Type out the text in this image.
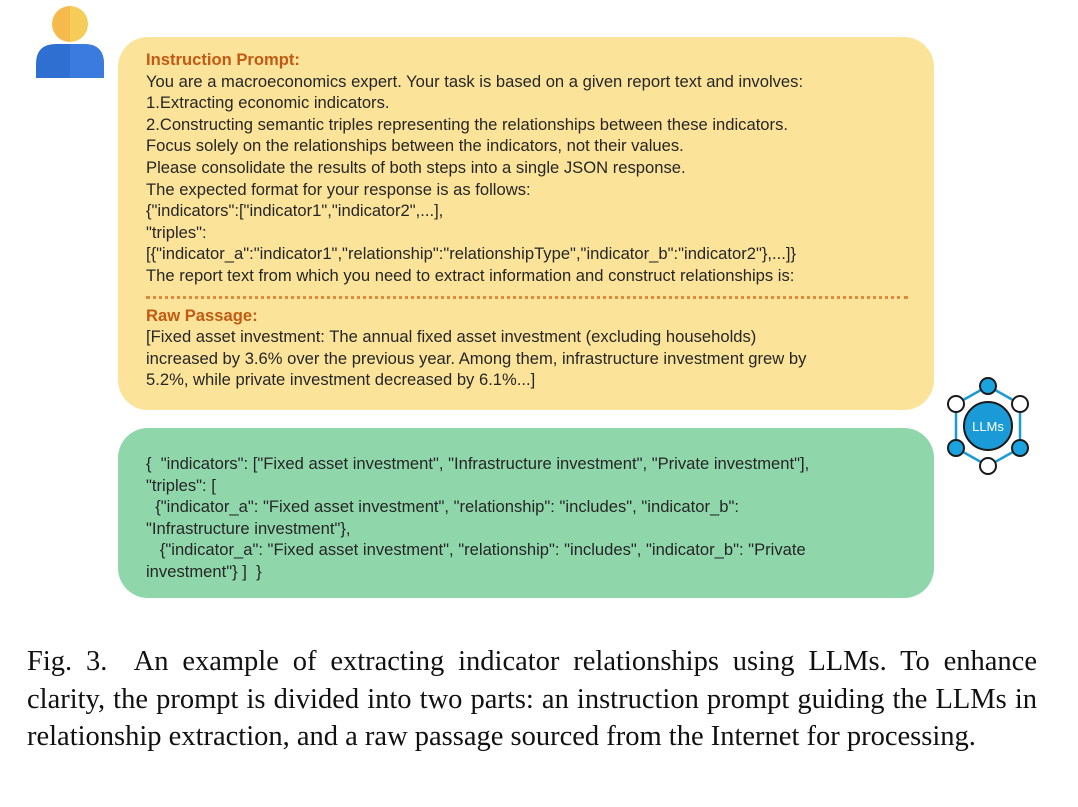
Instruction Prompt:
You are a macroeconomics expert. Your task is based on a given report text and involves:
1.Extracting economic indicators.
2.Constructing semantic triples representing the relationships between these indicators.
Focus solely on the relationships between the indicators, not their values.
Please consolidate the results of both steps into a single JSON response.
The expected format for your response is as follows:
{"indicators":["indicator1","indicator2",...],
"triples":
[{"indicator_a":"indicator1","relationship":"relationshipType","indicator_b":"indicator2"},...]}
The report text from which you need to extract information and construct relationships is:
Raw Passage:
[Fixed asset investment: The annual fixed asset investment (excluding households)
increased by 3.6% over the previous year. Among them, infrastructure investment grew by
5.2%, while private investment decreased by 6.1%...]
LLMs
{  "indicators": ["Fixed asset investment", "Infrastructure investment", "Private investment"],
"triples": [
{"indicator_a": "Fixed asset investment", "relationship": "includes", "indicator_b":
"Infrastructure investment"},
{"indicator_a": "Fixed asset investment", "relationship": "includes", "indicator_b": "Private
investment"} ]  }
Fig. 3. An example of extracting indicator relationships using LLMs. To enhance clarity, the prompt is divided into two parts: an instruction prompt guiding the LLMs in relationship extraction, and a raw passage sourced from the Internet for processing.
